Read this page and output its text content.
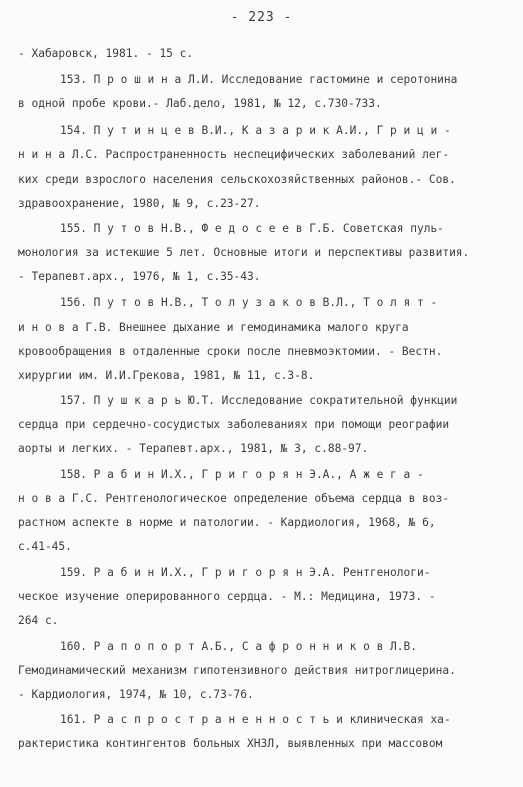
- 223 -
- Хабаровск, 1981. - 15 с.
153. П р о ш и н а Л.И. Исследование гастомине и серотонина
в одной пробе крови.- Лаб.дело, 1981, № 12, с.730-733.
154. П у т и н ц е в В.И., К а з а р и к А.И., Г р и ц и -
н и н а Л.С. Распространенность неспецифических заболеваний лег-
ких среди взрослого населения сельскохозяйственных районов.- Сов.
здравоохранение, 1980, № 9, с.23-27.
155. П у т о в Н.В., Ф е д о с е е в Г.Б. Советская пуль-
монология за истекшие 5 лет. Основные итоги и перспективы развития.
- Терапевт.арх., 1976, № 1, с.35-43.
156. П у т о в Н.В., Т о л у з а к о в В.Л., Т о л я т -
и н о в а Г.В. Внешнее дыхание и гемодинамика малого круга
кровообращения в отдаленные сроки после пневмоэктомии. - Вестн.
хирургии им. И.И.Грекова, 1981, № 11, с.3-8.
157. П у ш к а р ь Ю.Т. Исследование сократительной функции
сердца при сердечно-сосудистых заболеваниях при помощи реографии
аорты и легких. - Терапевт.арх., 1981, № 3, с.88-97.
158. Р а б и н И.Х., Г р и г о р я н Э.А., А ж е г а -
н о в а Г.С. Рентгенологическое определение объема сердца в воз-
растном аспекте в норме и патологии. - Кардиология, 1968, № 6,
с.41-45.
159. Р а б и н И.Х., Г р и г о р я н Э.А. Рентгенологи-
ческое изучение оперированного сердца. - М.: Медицина, 1973. -
264 с.
160. Р а п о п о р т А.Б., С а ф р о н н и к о в Л.В.
Гемодинамический механизм гипотензивного действия нитроглицерина.
- Кардиология, 1974, № 10, с.73-76.
161. Р а с п р о с т р а н е н н о с т ь и клиническая ха-
рактеристика контингентов больных ХНЗЛ, выявленных при массовом
